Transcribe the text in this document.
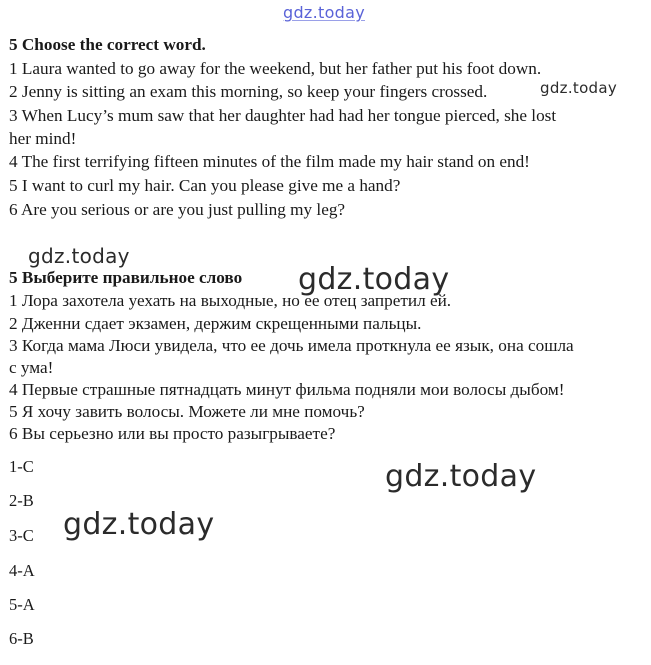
gdz.today
gdz.today
gdz.today
gdz.today
gdz.today
gdz.today
5 Choose the correct word.
1 Laura wanted to go away for the weekend, but her father put his foot down.
2 Jenny is sitting an exam this morning, so keep your fingers crossed.
3 When Lucy’s mum saw that her daughter had had her tongue pierced, she lost
her mind!
4 The first terrifying fifteen minutes of the film made my hair stand on end!
5 I want to curl my hair. Can you please give me a hand?
6 Are you serious or are you just pulling my leg?
5 Выберите правильное слово
1 Лора захотела уехать на выходные, но ее отец запретил ей.
2 Дженни сдает экзамен, держим скрещенными пальцы.
3 Когда мама Люси увидела, что ее дочь имела проткнула ее язык, она сошла
с ума!
4 Первые страшные пятнадцать минут фильма подняли мои волосы дыбом!
5 Я хочу завить волосы. Можете ли мне помочь?
6 Вы серьезно или вы просто разыгрываете?
1-C
2-B
3-C
4-A
5-A
6-B
